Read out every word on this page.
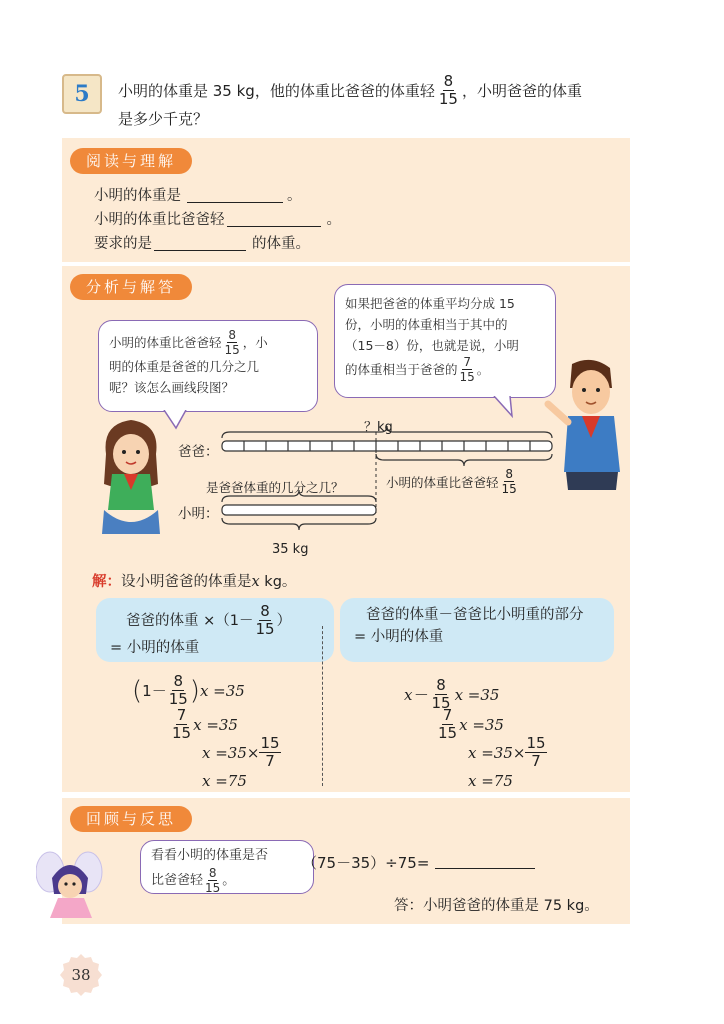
5	小明的体重是 35 kg，他的体重比爸爸的体重轻 $\frac{8}{15}$ ，小明爸爸的体重
是多少千克？
阅读与理解
小明的体重是	。
小明的体重比爸爸轻	。
要求的是	的体重。
分析与解答
小明的体重比爸爸轻 $\frac{8}{15}$ ，小
明的体重是爸爸的几分之几
呢？该怎么画线段图？
如果把爸爸的体重平均分成 15
份，小明的体重相当于其中的
（15－8）份，也就是说，小明
的体重相当于爸爸的 $\frac{7}{15}$ 。
？kg
爸爸：
小明：
是爸爸体重的几分之几？	小明的体重比爸爸轻 $\frac{8}{15}$
35 kg
解：设小明爸爸的体重是x kg。
爸爸的体重 $\times(1- \frac{8}{15}$ ）
= 小明的体重
爸爸的体重－爸爸比小明重的部分
= 小明的体重
( $1- \frac{8}{15}$ ) x =35
$\frac{7}{15}$ x =35
$x =35\times \frac{15}{7}$
x =75
$x- \frac{8}{15}$ x =35
$\frac{7}{15}$ x =35
$x =35\times \frac{15}{7}$
x =75
回顾与反思
看看小明的体重是否
比爸爸轻 $\frac{8}{15}$ 。
（75－35）÷75=
答：小明爸爸的体重是 75 kg。
38
